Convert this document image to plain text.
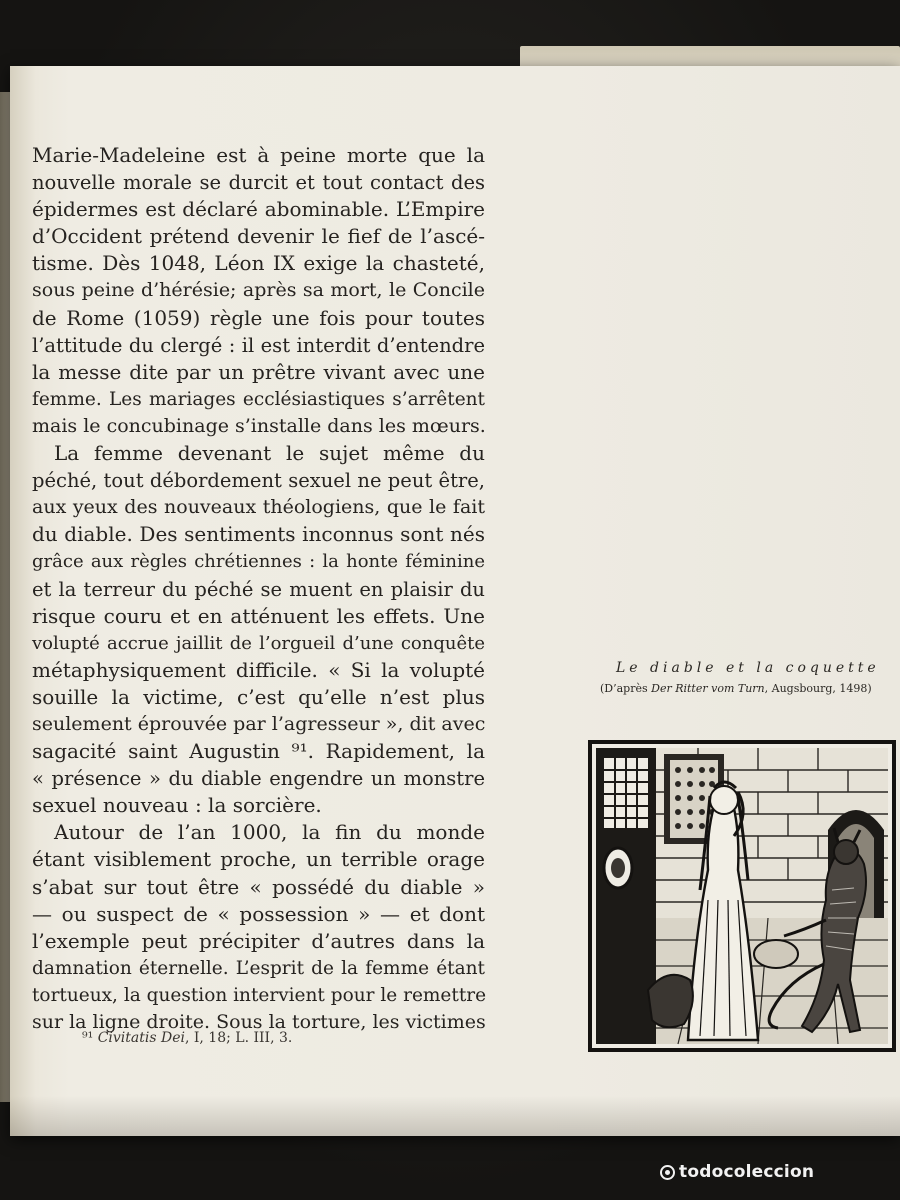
Marie-Madeleine est à peine morte que la
nouvelle morale se durcit et tout contact des
épidermes est déclaré abominable. L’Empire
d’Occident prétend devenir le fief de l’ascé-
tisme. Dès 1048, Léon IX exige la chasteté,
sous peine d’hérésie; après sa mort, le Concile
de Rome (1059) règle une fois pour toutes
l’attitude du clergé : il est interdit d’entendre
la messe dite par un prêtre vivant avec une
femme. Les mariages ecclésiastiques s’arrêtent
mais le concubinage s’installe dans les mœurs.
La femme devenant le sujet même du
péché, tout débordement sexuel ne peut être,
aux yeux des nouveaux théologiens, que le fait
du diable. Des sentiments inconnus sont nés
grâce aux règles chrétiennes : la honte féminine
et la terreur du péché se muent en plaisir du
risque couru et en atténuent les effets. Une
volupté accrue jaillit de l’orgueil d’une conquête
métaphysiquement difficile. « Si la volupté
souille la victime, c’est qu’elle n’est plus
seulement éprouvée par l’agresseur », dit avec
sagacité saint Augustin ⁹¹. Rapidement, la
« présence » du diable engendre un monstre
sexuel nouveau : la sorcière.
Autour de l’an 1000, la fin du monde
étant visiblement proche, un terrible orage
s’abat sur tout être « possédé du diable »
— ou suspect de « possession » — et dont
l’exemple peut précipiter d’autres dans la
damnation éternelle. L’esprit de la femme étant
tortueux, la question intervient pour le remettre
sur la ligne droite. Sous la torture, les victimes
⁹¹ Civitatis Dei, I, 18; L. III, 3.
Le diable et la coquette
(D’après Der Ritter vom Turn, Augsbourg, 1498)
todocoleccion
